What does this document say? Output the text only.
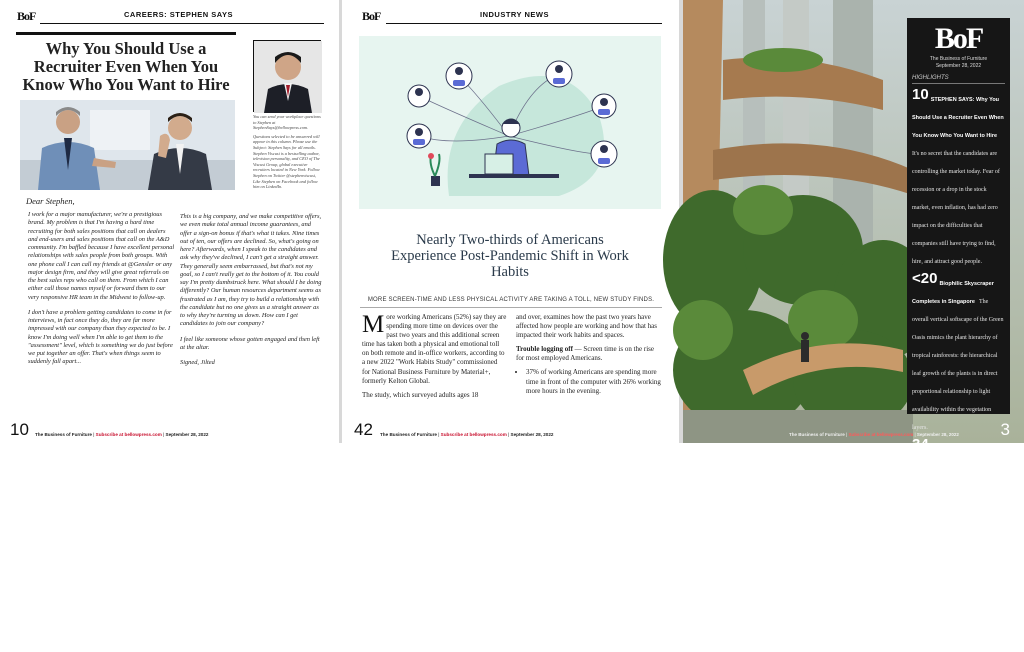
BoF	CAREERS: STEPHEN SAYS
Why You Should Use a Recruiter Even When You Know Who You Want to Hire

You can send your workplace questions to Stephen at StephenSays@bellowpress.com.

Questions selected to be answered will appear in this column. Please use the Subject: Stephen Says for all emails. Stephen Viscusi is a bestselling author, television personality, and CEO of The Viscusi Group, global executive recruiters located in New York. Follow Stephen on Twitter @stephenviscusi, Like Stephen on Facebook and follow him on LinkedIn.

Dear Stephen,

I work for a major manufacturer, we're a prestigious brand. My problem is that I'm having a hard time recruiting for both sales positions that call on dealers and end-users and sales positions that call on the A&D community. I'm baffled because I have excellent personal relationships with sales people from both groups. With one phone call I can call my friends at @Gensler or any major design firm, and they will give great referrals on the best sales reps who call on them. From which I can either call those names myself or forward them to our very responsive HR team in the Midwest to follow-up.

I don't have a problem getting candidates to come in for interviews, in fact once they do, they are far more impressed with our company than they expected to be. I know I'm doing well when I'm able to get them to the "assessment" level, which is something we do just before we put together an offer. That's when things seem to suddenly fall apart...

This is a big company, and we make competitive offers, we even make total annual income guarantees, and offer a sign-on bonus if that's what it takes. Nine times out of ten, our offers are declined. So, what's going on here? Afterwards, when I speak to the candidates and ask why they've declined, I can't get a straight answer. They generally seem embarrassed, but that's not my goal, so I can't really get to the bottom of it. You could say I'm pretty dumbstruck here. What should I be doing differently? Our human resources department seems as frustrated as I am, they try to build a relationship with the candidate but no one gives us a straight answer as to why they're turning us down. How can I get candidates to join our company?

I feel like someone whose gotten engaged and then left at the altar.

Signed, Jilted

10 The Business of Furniture | Subscribe at bellowpress.com | September 28, 2022
BoF	INDUSTRY NEWS
Nearly Two-thirds of Americans Experience Post-Pandemic Shift in Work Habits
MORE SCREEN-TIME AND LESS PHYSICAL ACTIVITY ARE TAKING A TOLL, NEW STUDY FINDS.

More working Americans (52%) say they are spending more time on devices over the past two years and this additional screen time has taken both a physical and emotional toll on both remote and in-office workers, according to a new 2022 "Work Habits Study" commissioned for National Business Furniture by Material+, formerly Kelton Global.

The study, which surveyed adults ages 18

and over, examines how the past two years have affected how people are working and how that has impacted their work habits and spaces.

Trouble logging off — Screen time is on the rise for most employed Americans.

• 37% of working Americans are spending more time in front of the computer with 26% working more hours in the evening.
42 The Business of Furniture | Subscribe at bellowpress.com | September 28, 2022
BoF
The Business of Furniture
September 28, 2022
HIGHLIGHTS
10 STEPHEN SAYS: Why You Should Use a Recruiter Even When You Know Who You Want to Hire It's no secret that the candidates are controlling the market today. Fear of recession or a drop in the stock market, even inflation, has had zero impact on the difficulties that companies still have trying to find, hire, and attract good people.
<20 Biophilic Skyscraper Completes in Singapore The overall vertical softscape of the Green Oasis mimics the plant hierarchy of tropical rainforests: the hierarchical leaf growth of the plants is in direct proportional relationship to light availability within the vegetation layers.
34 ODI Distributing Honored For Third Consecutive Year
38 Billings Continue to Grow at Arch Firms
42 Nearly Two-thirds of Americans Experience Post-Pandemic Shift in Work Habits
50 The Search for the Most Useless Office Perk in the World
51 Earnings: Steelcase, MillerKnoll
The Business of Furniture | Subscribe at bellowpress.com | September 28, 2022 3
